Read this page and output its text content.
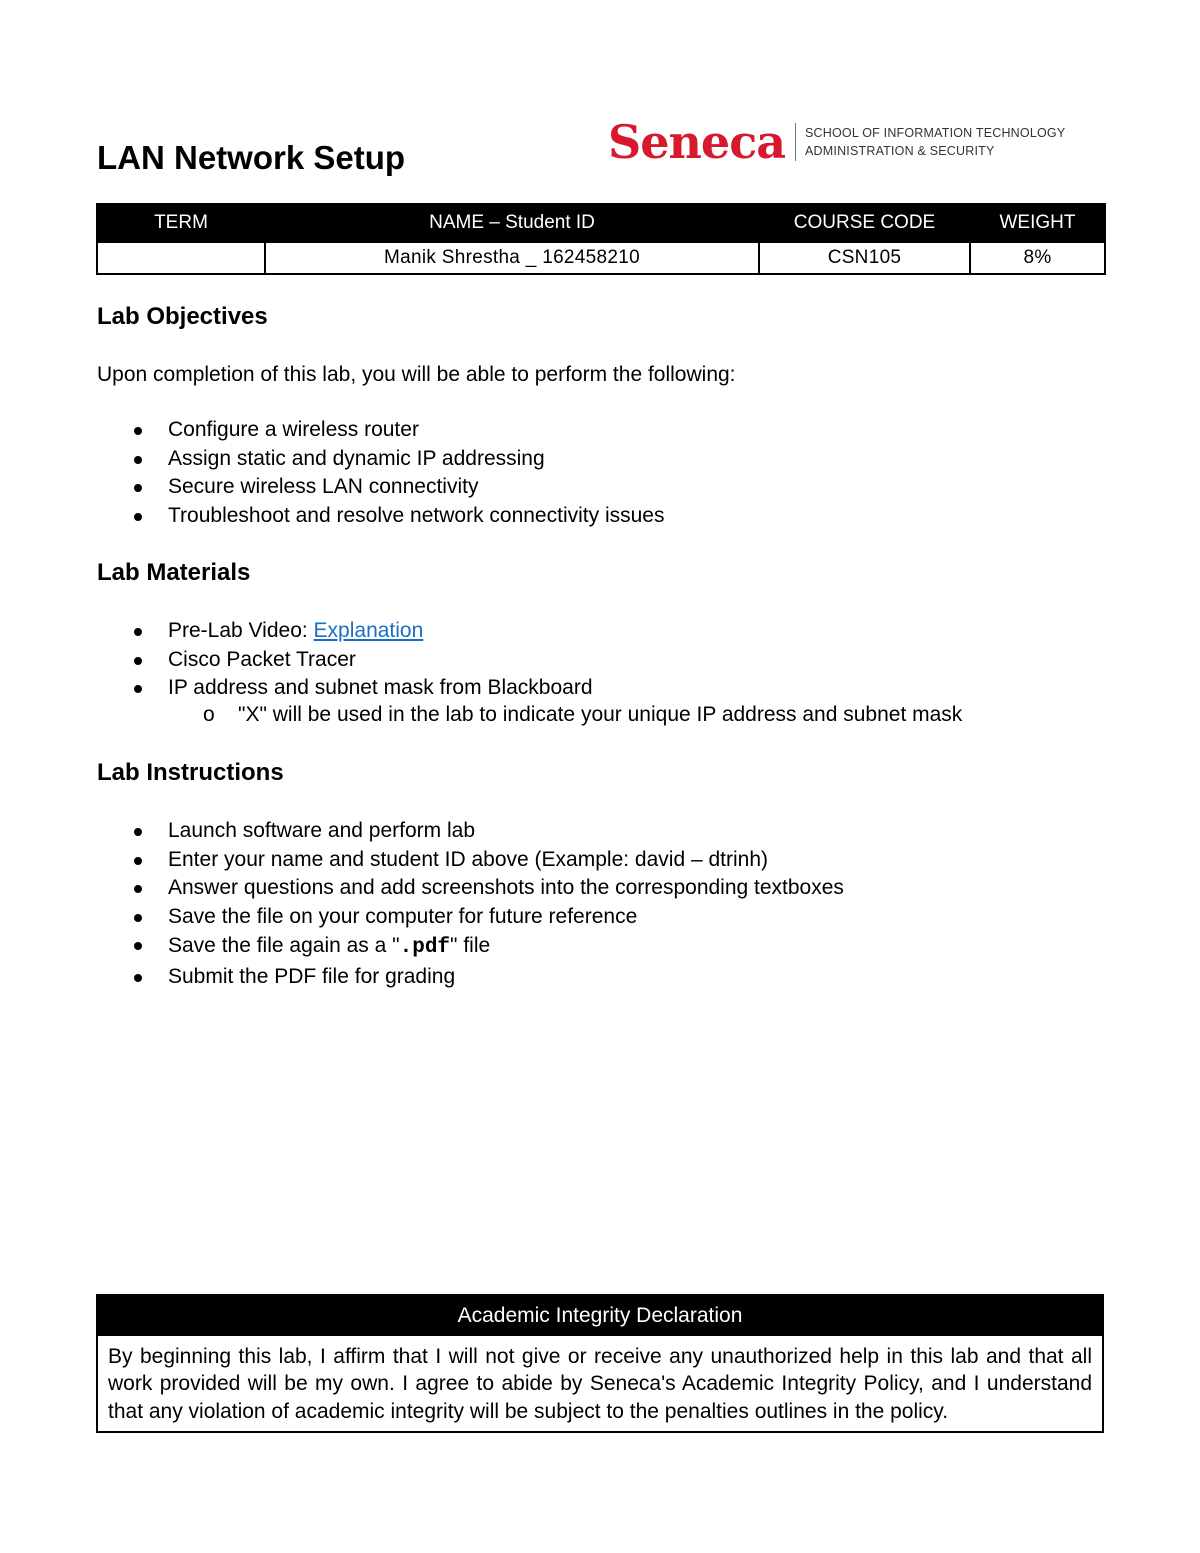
LAN Network Setup	Seneca SCHOOL OF INFORMATION TECHNOLOGY
ADMINISTRATION & SECURITY
TERM	NAME – Student ID	COURSE CODE	WEIGHT
	Manik Shrestha _ 162458210	CSN105	8%
Lab Objectives

Upon completion of this lab, you will be able to perform the following:

Configure a wireless router
Assign static and dynamic IP addressing
Secure wireless LAN connectivity
Troubleshoot and resolve network connectivity issues
Lab Materials
Pre-Lab Video: Explanation
Cisco Packet Tracer
IP address and subnet mask from Blackboard
o "X" will be used in the lab to indicate your unique IP address and subnet mask
Lab Instructions
Launch software and perform lab
Enter your name and student ID above (Example: david – dtrinh)
Answer questions and add screenshots into the corresponding textboxes
Save the file on your computer for future reference
Save the file again as a ".pdf" file
Submit the PDF file for grading
Academic Integrity Declaration
By beginning this lab, I affirm that I will not give or receive any unauthorized help in this lab and that all work provided will be my own. I agree to abide by Seneca's Academic Integrity Policy, and I understand that any violation of academic integrity will be subject to the penalties outlines in the policy.
